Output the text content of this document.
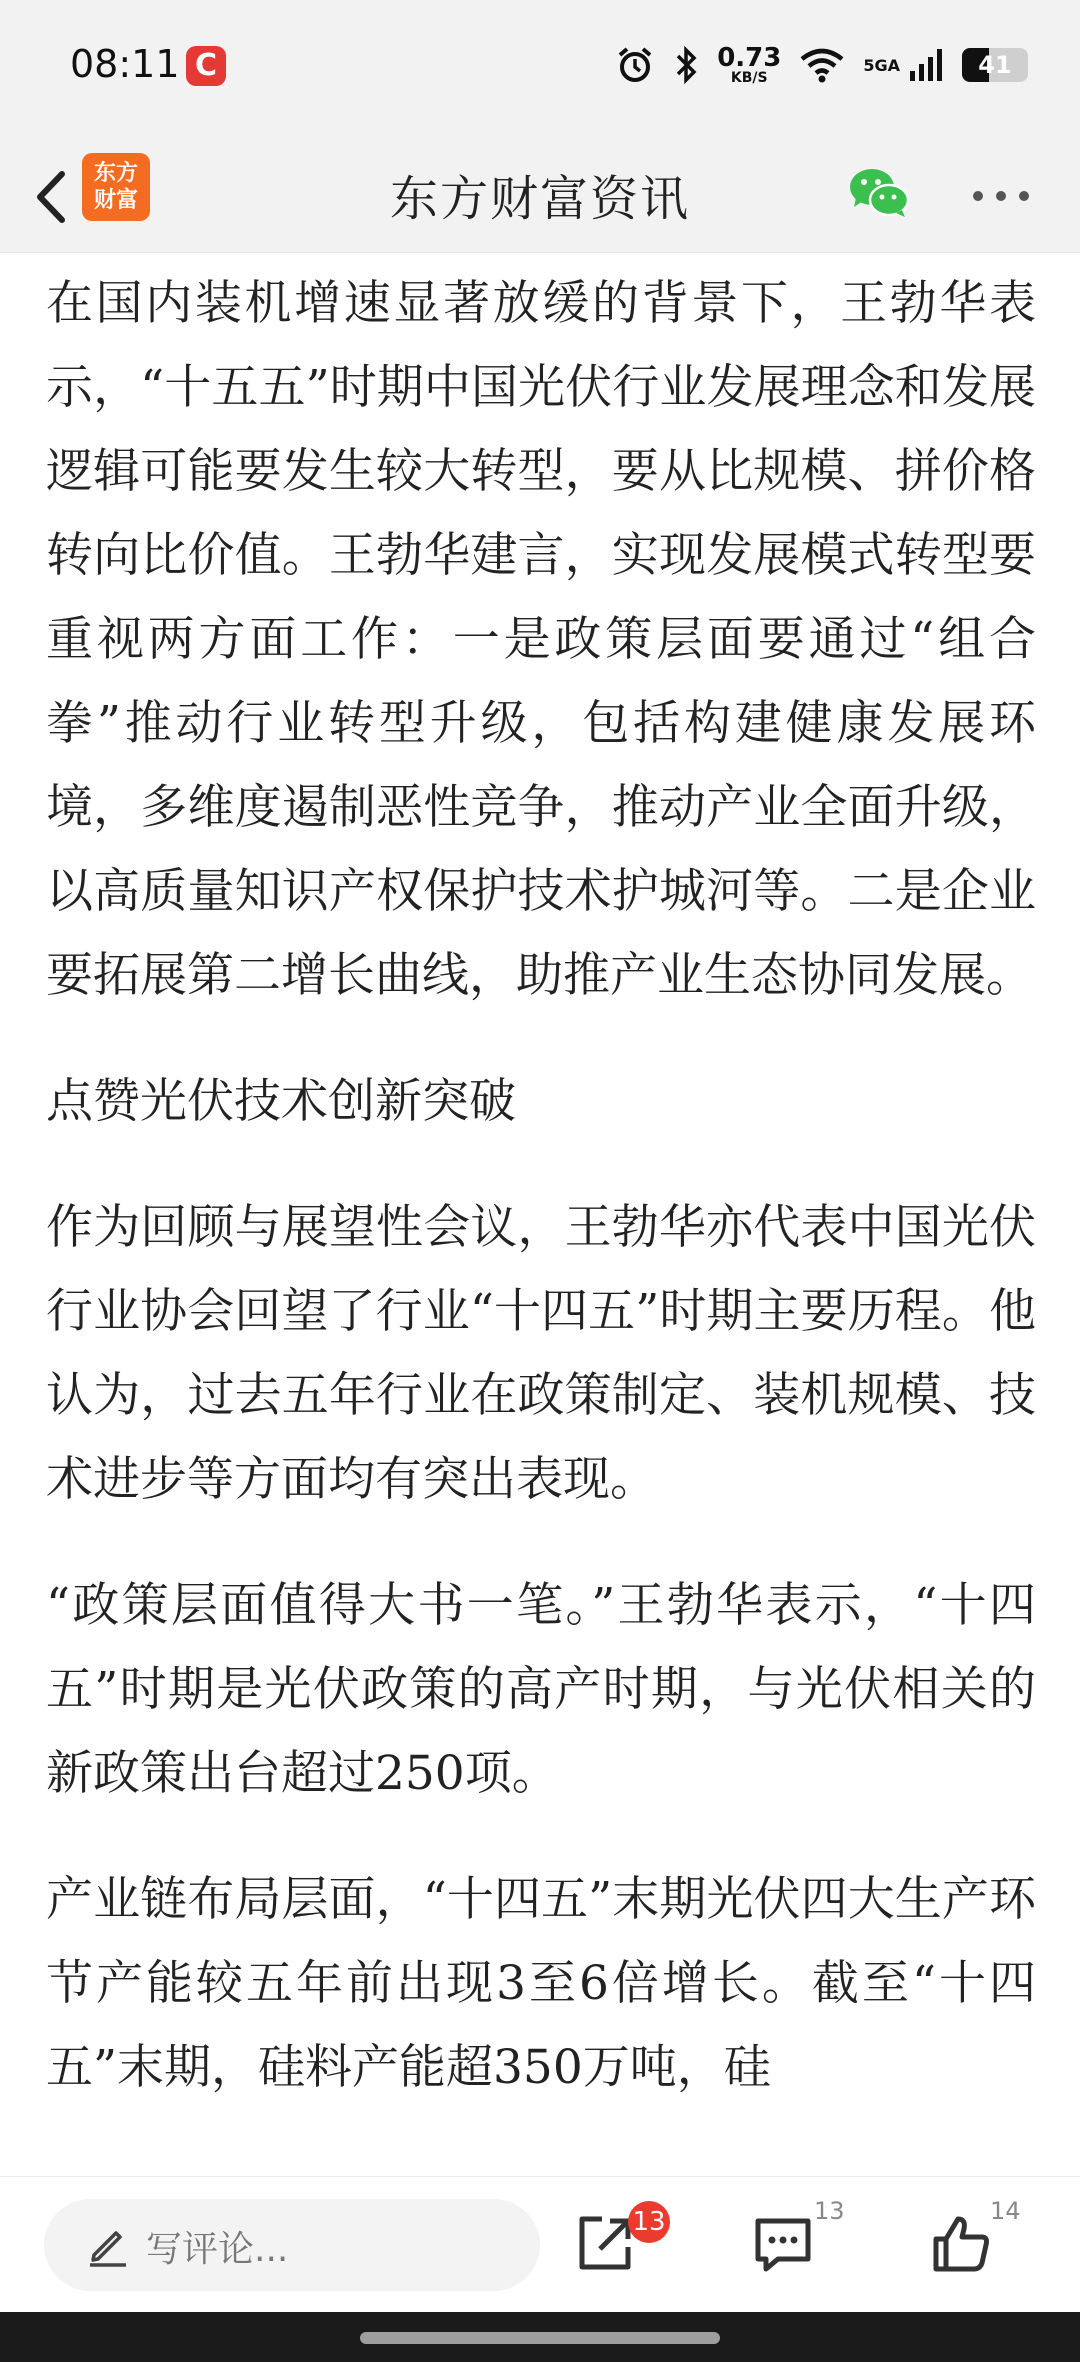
08:11 C	0.73
KB/S
5GA	41
东方
财富	东方财富资讯

在国内装机增速显著放缓的背景下，王勃华表示，“十五五”时期中国光伏行业发展理念和发展逻辑可能要发生较大转型，要从比规模、拼价格转向比价值。王勃华建言，实现发展模式转型要重视两方面工作：一是政策层面要通过“组合拳”推动行业转型升级，包括构建健康发展环境，多维度遏制恶性竞争，推动产业全面升级，以高质量知识产权保护技术护城河等。二是企业要拓展第二增长曲线，助推产业生态协同发展。

点赞光伏技术创新突破

作为回顾与展望性会议，王勃华亦代表中国光伏行业协会回望了行业“十四五”时期主要历程。他认为，过去五年行业在政策制定、装机规模、技术进步等方面均有突出表现。

“政策层面值得大书一笔。”王勃华表示，“十四五”时期是光伏政策的高产时期，与光伏相关的新政策出台超过250项。

产业链布局层面，“十四五”末期光伏四大生产环节产能较五年前出现3至6倍增长。截至“十四五”末期，硅料产能超350万吨，硅

写评论...
13	13	14
